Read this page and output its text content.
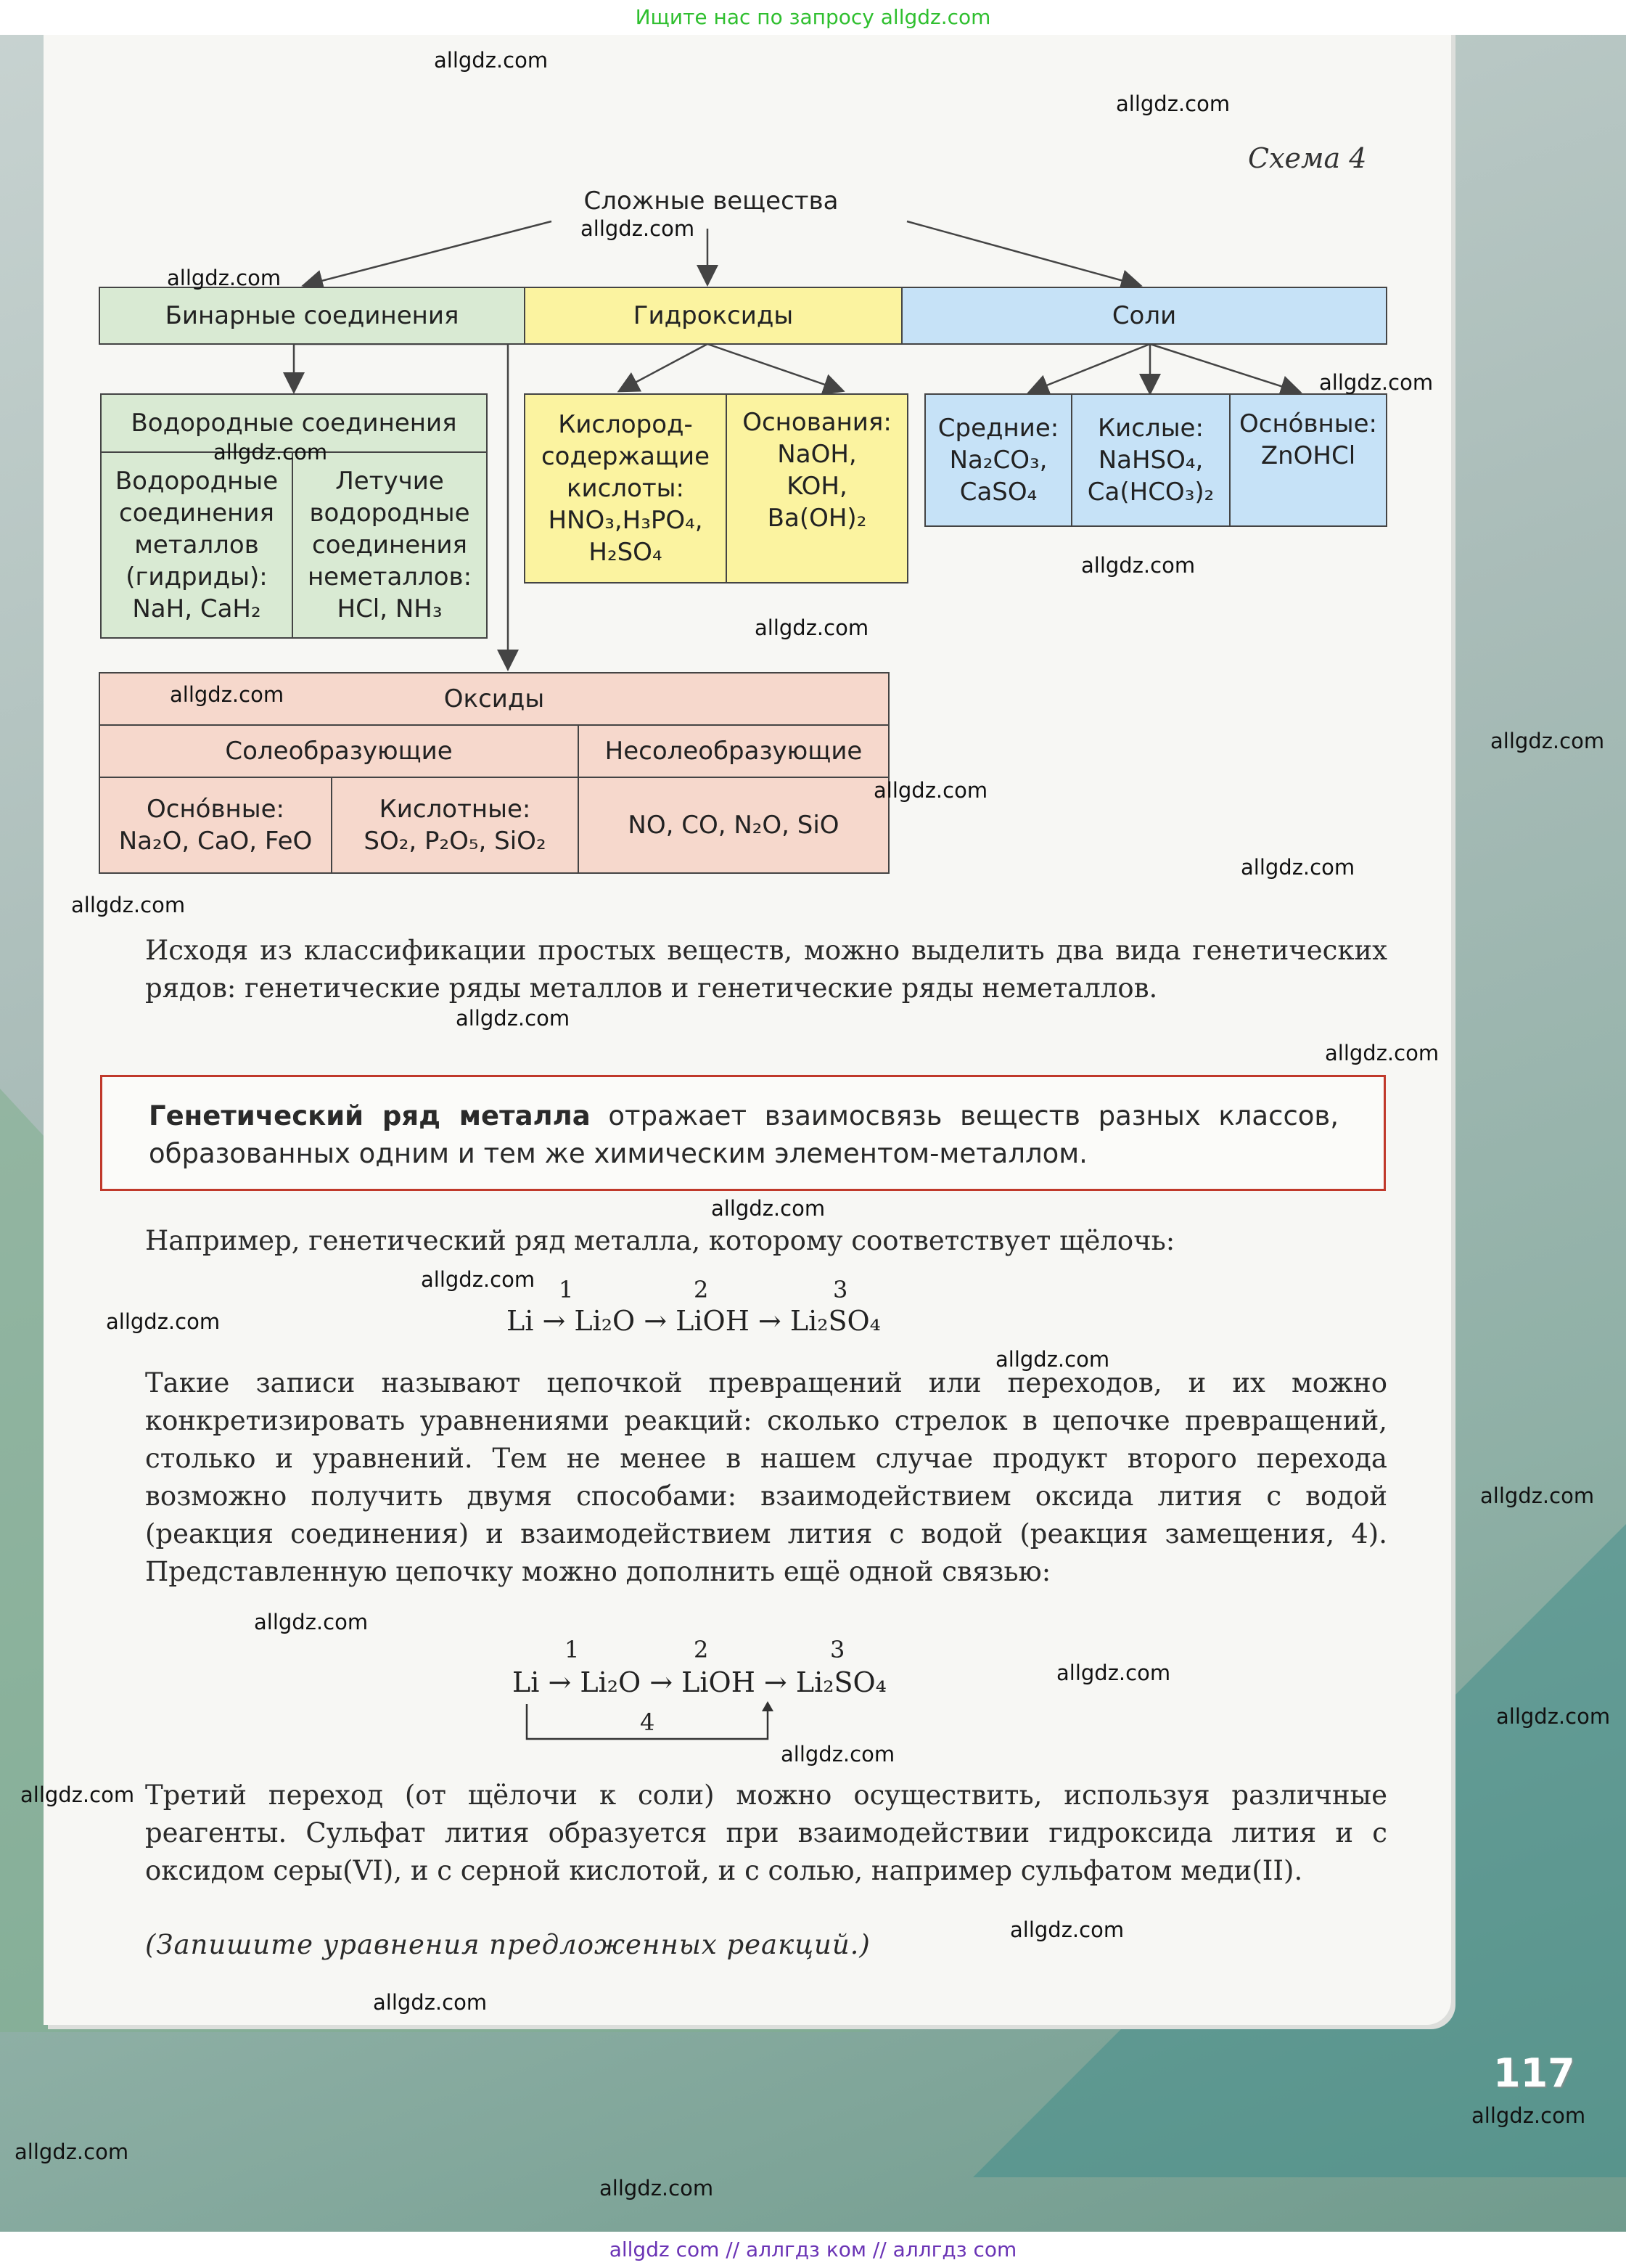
Ищите нас по запросу allgdz.com
Схема 4
Сложные вещества
Бинарные соединения	Гидроксиды	Соли
Водородные соединения
Водородные
соединения
металлов
(гидриды):
NaH, CaH₂
Летучие
водородные
соединения
неметаллов:
HCl, NH₃
Кислород-
содержащие
кислоты:
HNO₃,H₃PO₄,
H₂SO₄
Основания:
NaOH,
KOH,
Ba(OH)₂
Средние:
Na₂CO₃,
CaSO₄
Кислые:
NaHSO₄,
Ca(HCO₃)₂
Осно́вные:
ZnOHCl
Оксиды
Солеобразующие	Несолеобразующие
Осно́вные:
Na₂O, CaO, FeO
Кислотные:
SO₂, P₂O₅, SiO₂
NO, CO, N₂O, SiO
Исходя из классификации простых веществ, можно выделить два вида генетических рядов: генетические ряды металлов и генетические ряды неметаллов.
Генетический ряд металла отражает взаимосвязь веществ разных классов, образованных одним и тем же химическим элементом-металлом.
Например, генетический ряд металла, которому соответствует щёлочь:
1	2	3
Li → Li₂O → LiOH → Li₂SO₄
Такие записи называют цепочкой превращений или переходов, и их можно конкретизировать уравнениями реакций: сколько стрелок в цепочке превращений, столько и уравнений. Тем не менее в нашем случае продукт второго перехода возможно получить двумя способами: взаимодействием оксида лития с водой (реакция соединения) и взаимодействием лития с водой (реакция замещения, 4). Представленную цепочку можно дополнить ещё одной связью:
1	2	3
Li → Li₂O → LiOH → Li₂SO₄
4
Третий переход (от щёлочи к соли) можно осуществить, используя различные реагенты. Сульфат лития образуется при взаимодействии гидроксида лития и с оксидом серы(VI), и с серной кислотой, и с солью, например сульфатом меди(II).
(Запишите уравнения предложенных реакций.)
117
allgdz.com
allgdz.com
allgdz.com
allgdz.com
allgdz.com
allgdz.com
allgdz.com
allgdz.com
allgdz.com
allgdz.com
allgdz.com
allgdz.com
allgdz.com
allgdz.com
allgdz.com
allgdz.com
allgdz.com
allgdz.com
allgdz.com
allgdz.com
allgdz.com
allgdz.com
allgdz.com
allgdz.com
allgdz.com
allgdz.com
allgdz.com
allgdz.com
allgdz.com
allgdz.com
allgdz com // аллгдз ком // аллгдз com
